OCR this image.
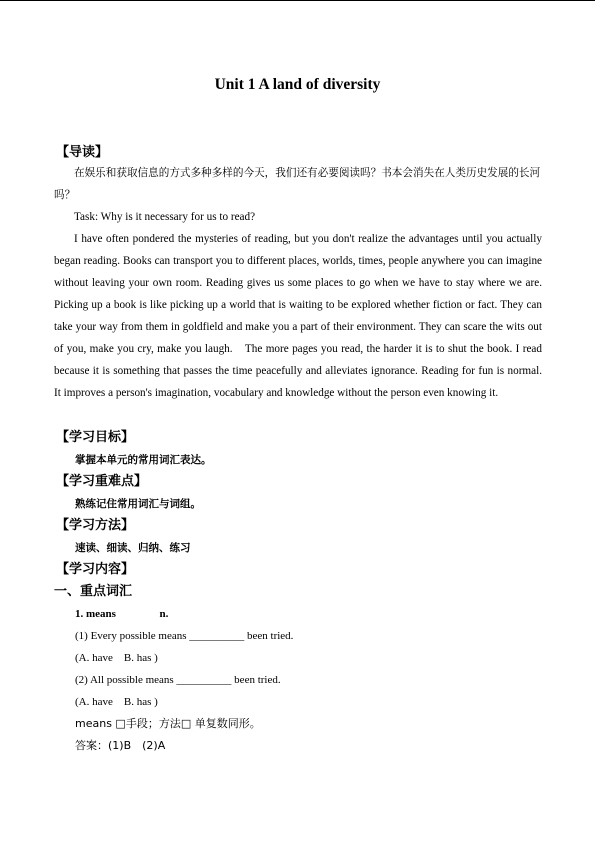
Unit 1 A land of diversity
【导读】

在娱乐和获取信息的方式多种多样的今天，我们还有必要阅读吗？书本会消失在人类历史发展的长河吗？

Task: Why is it necessary for us to read?

I have often pondered the mysteries of reading, but you don't realize the advantages until you actually began reading. Books can transport you to different places, worlds, times, people anywhere you can imagine without leaving your own room. Reading gives us some places to go when we have to stay where we are. Picking up a book is like picking up a world that is waiting to be explored whether fiction or fact. They can take your way from them in goldfield and make you a part of their environment. They can scare the wits out of you, make you cry, make you laugh.　The more pages you read, the harder it is to shut the book. I read because it is something that passes the time peacefully and alleviates ignorance. Reading for fun is normal. It improves a person's imagination, vocabulary and knowledge without the person even knowing it.

【学习目标】
掌握本单元的常用词汇表达。
【学习重难点】
熟练记住常用词汇与词组。
【学习方法】
速读、细读、归纳、练习
【学习内容】
一、重点词汇
1. means	n.
(1) Every possible means __________ been tried.
(A. have　B. has )
(2) All possible means __________ been tried.
(A. have　B. has )
means □手段；方法□ 单复数同形。
答案：(1)B　(2)A
